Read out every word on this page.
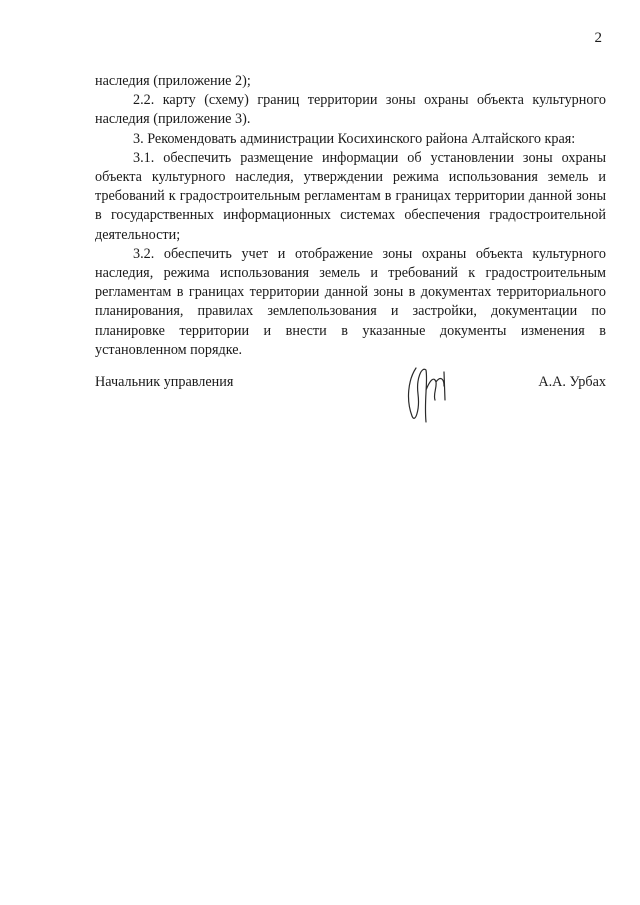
2

наследия (приложение 2);

2.2. карту (схему) границ территории зоны охраны объекта культурного наследия (приложение 3).

3. Рекомендовать администрации Косихинского района Алтайского края:

3.1. обеспечить размещение информации об установлении зоны охраны объекта культурного наследия, утверждении режима использования земель и требований к градостроительным регламентам в границах территории данной зоны в государственных информационных системах обеспечения градостроительной деятельности;

3.2. обеспечить учет и отображение зоны охраны объекта культурного наследия, режима использования земель и требований к градостроительным регламентам в границах территории данной зоны в документах территориального планирования, правилах землепользования и застройки, документации по планировке территории и внести в указанные документы изменения в установленном порядке.

Начальник управления	А.А. Урбах
